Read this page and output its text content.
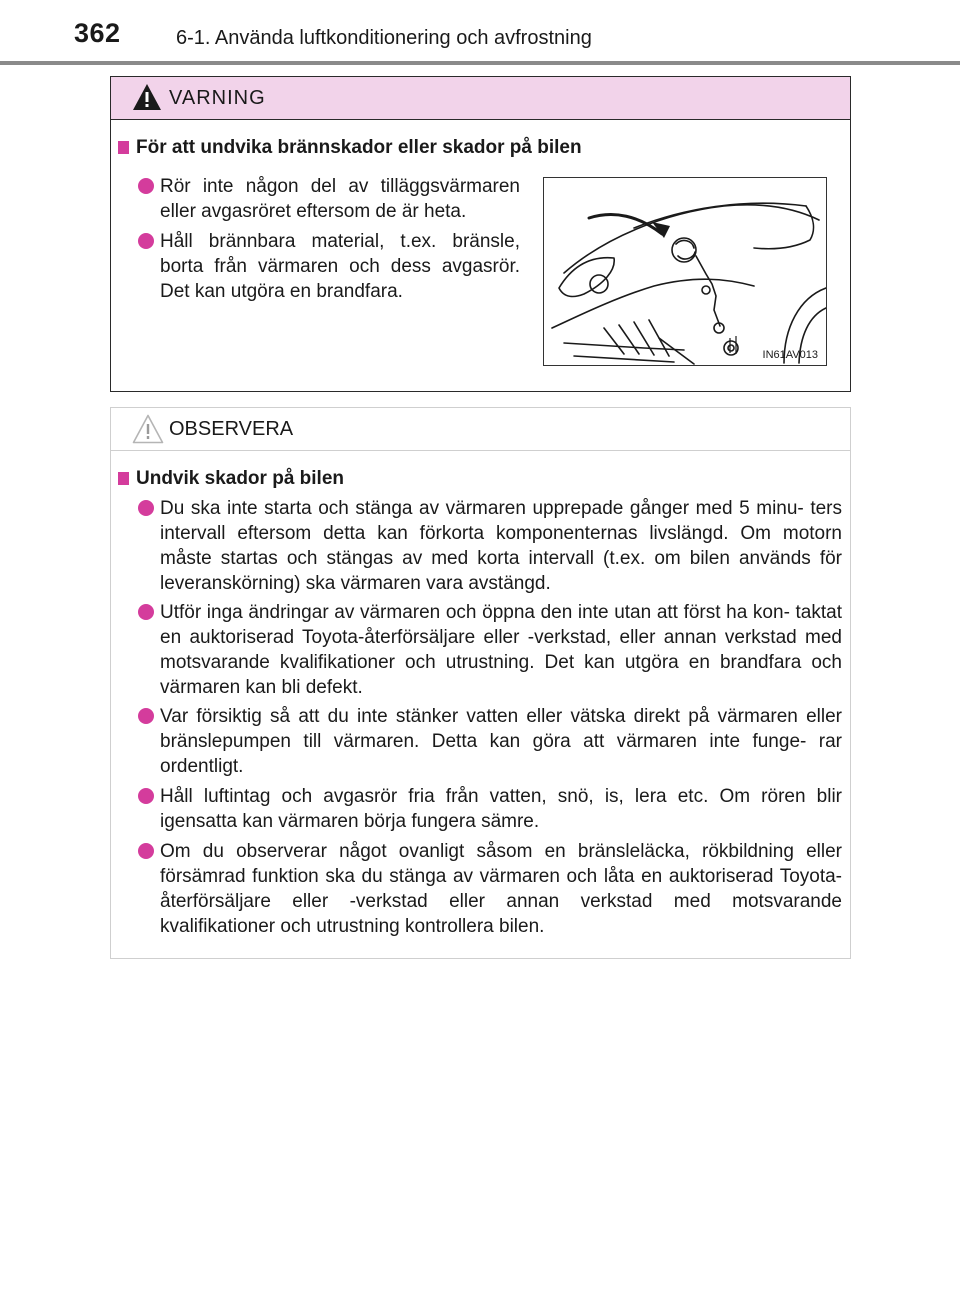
362	6-1. Använda luftkonditionering och avfrostning
VARNING
För att undvika brännskador eller skador på bilen
Rör inte någon del av tilläggsvärmaren eller avgasröret eftersom de är heta.
Håll brännbara material, t.ex. bränsle, borta från värmaren och dess avgasrör. Det kan utgöra en brandfara.
IN61AV013
OBSERVERA
Undvik skador på bilen
Du ska inte starta och stänga av värmaren upprepade gånger med 5 minu- ters intervall eftersom detta kan förkorta komponenternas livslängd. Om motorn måste startas och stängas av med korta intervall (t.ex. om bilen används för leveranskörning) ska värmaren vara avstängd.
Utför inga ändringar av värmaren och öppna den inte utan att först ha kon- taktat en auktoriserad Toyota-återförsäljare eller -verkstad, eller annan verkstad med motsvarande kvalifikationer och utrustning. Det kan utgöra en brandfara och värmaren kan bli defekt.
Var försiktig så att du inte stänker vatten eller vätska direkt på värmaren eller bränslepumpen till värmaren. Detta kan göra att värmaren inte funge- rar ordentligt.
Håll luftintag och avgasrör fria från vatten, snö, is, lera etc. Om rören blir igensatta kan värmaren börja fungera sämre.
Om du observerar något ovanligt såsom en bränsleläcka, rökbildning eller försämrad funktion ska du stänga av värmaren och låta en auktoriserad Toyota-återförsäljare eller -verkstad eller annan verkstad med motsvarande kvalifikationer och utrustning kontrollera bilen.
